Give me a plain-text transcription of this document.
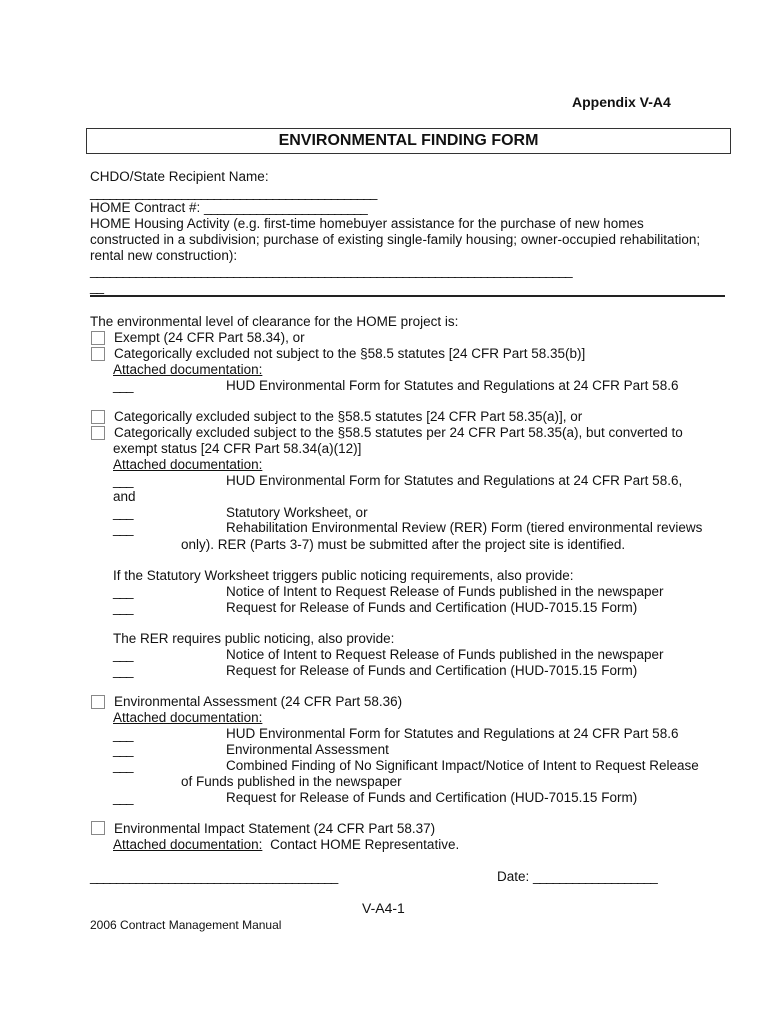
Appendix V-A4
ENVIRONMENTAL FINDING FORM
CHDO/State Recipient Name:
____________________________________________
HOME Contract #: _________________________
HOME Housing Activity (e.g. first-time homebuyer assistance for the purchase of new homes
constructed in a subdivision; purchase of existing single-family housing; owner-occupied rehabilitation;
rental new construction):
__________________________________________________________________________
__
The environmental level of clearance for the HOME project is:
Exempt (24 CFR Part 58.34), or
Categorically excluded not subject to the §58.5 statutes [24 CFR Part 58.35(b)]
Attached documentation:
___	HUD Environmental Form for Statutes and Regulations at 24 CFR Part 58.6
Categorically excluded subject to the §58.5 statutes [24 CFR Part 58.35(a)], or
Categorically excluded subject to the §58.5 statutes per 24 CFR Part 58.35(a), but converted to
exempt status [24 CFR Part 58.34(a)(12)]
Attached documentation:
___	HUD Environmental Form for Statutes and Regulations at 24 CFR Part 58.6,
and
___	Statutory Worksheet, or
___	Rehabilitation Environmental Review (RER) Form (tiered environmental reviews
only). RER (Parts 3-7) must be submitted after the project site is identified.
If the Statutory Worksheet triggers public noticing requirements, also provide:
___	Notice of Intent to Request Release of Funds published in the newspaper
___	Request for Release of Funds and Certification (HUD-7015.15 Form)
The RER requires public noticing, also provide:
___	Notice of Intent to Request Release of Funds published in the newspaper
___	Request for Release of Funds and Certification (HUD-7015.15 Form)
Environmental Assessment (24 CFR Part 58.36)
Attached documentation:
___	HUD Environmental Form for Statutes and Regulations at 24 CFR Part 58.6
___	Environmental Assessment
___	Combined Finding of No Significant Impact/Notice of Intent to Request Release
of Funds published in the newspaper
___	Request for Release of Funds and Certification (HUD-7015.15 Form)
Environmental Impact Statement (24 CFR Part 58.37)
Attached documentation: Contact HOME Representative.
______________________________________	Date: ___________________
V-A4-1
2006 Contract Management Manual
